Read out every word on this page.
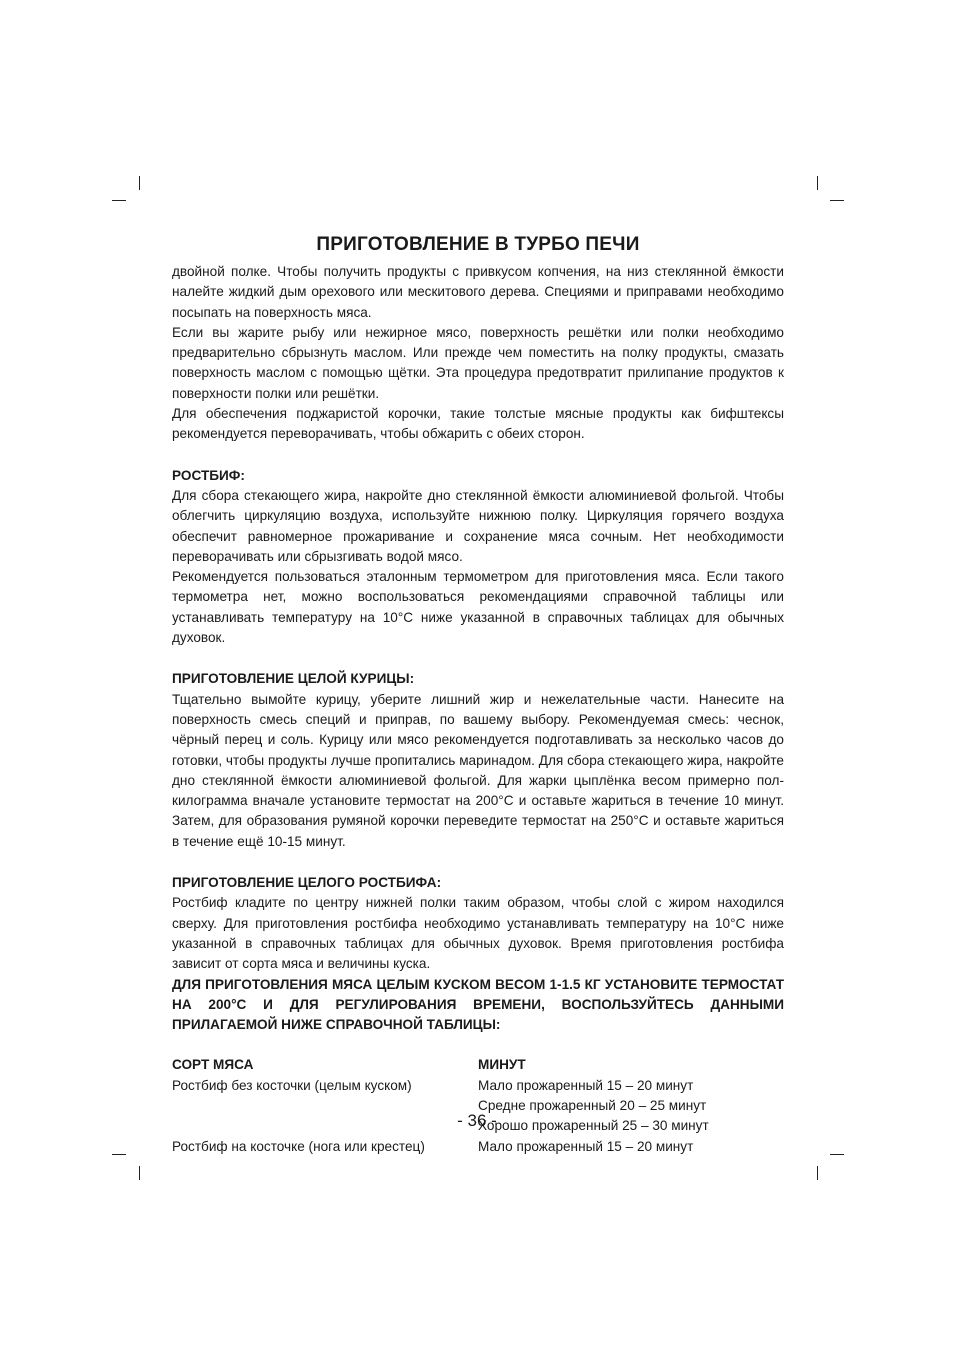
ПРИГОТОВЛЕНИЕ В ТУРБО ПЕЧИ

двойной полке. Чтобы получить продукты с привкусом копчения, на низ стеклянной ёмкости налейте жидкий дым орехового или мескитового дерева. Специями и приправами необходимо посыпать на поверхность мяса.

Если вы жарите рыбу или нежирное мясо, поверхность решётки или полки необходимо предварительно сбрызнуть маслом. Или прежде чем поместить на полку продукты, смазать поверхность маслом с помощью щётки. Эта процедура предотвратит прилипание продуктов к поверхности полки или решётки.

Для обеспечения поджаристой корочки, такие толстые мясные продукты как бифштексы рекомендуется переворачивать, чтобы обжарить с обеих сторон.

РОСТБИФ:

Для сбора стекающего жира, накройте дно стеклянной ёмкости алюминиевой фольгой. Чтобы облегчить циркуляцию воздуха, используйте нижнюю полку. Циркуляция горячего воздуха обеспечит равномерное прожаривание и сохранение мяса сочным. Нет необходимости переворачивать или сбрызгивать водой мясо.

Рекомендуется пользоваться эталонным термометром для приготовления мяса. Если такого термометра нет, можно воспользоваться рекомендациями справочной таблицы или устанавливать температуру на 10°С ниже указанной в справочных таблицах для обычных духовок.

ПРИГОТОВЛЕНИЕ ЦЕЛОЙ КУРИЦЫ:

Тщательно вымойте курицу, уберите лишний жир и нежелательные части. Нанесите на поверхность смесь специй и приправ, по вашему выбору. Рекомендуемая смесь: чеснок, чёрный перец и соль. Курицу или мясо рекомендуется подготавливать за несколько часов до готовки, чтобы продукты лучше пропитались маринадом. Для сбора стекающего жира, накройте дно стеклянной ёмкости алюминиевой фольгой. Для жарки цыплёнка весом примерно пол-килограмма вначале установите термостат на 200°С и оставьте жариться в течение 10 минут. Затем, для образования румяной корочки переведите термостат на 250°С и оставьте жариться в течение ещё 10-15 минут.

ПРИГОТОВЛЕНИЕ ЦЕЛОГО РОСТБИФА:

Ростбиф кладите по центру нижней полки таким образом, чтобы слой с жиром находился сверху. Для приготовления ростбифа необходимо устанавливать температуру на 10°С ниже указанной в справочных таблицах для обычных духовок. Время приготовления ростбифа зависит от сорта мяса и величины куска.

ДЛЯ ПРИГОТОВЛЕНИЯ МЯСА ЦЕЛЫМ КУСКОМ ВЕСОМ 1-1.5 КГ УСТАНОВИТЕ ТЕРМОСТАТ НА 200°С И ДЛЯ РЕГУЛИРОВАНИЯ ВРЕМЕНИ, ВОСПОЛЬЗУЙТЕСЬ ДАННЫМИ ПРИЛАГАЕМОЙ НИЖЕ СПРАВОЧНОЙ ТАБЛИЦЫ:

СОРТ МЯСА	МИНУТ
Ростбиф без косточки (целым куском)	Мало прожаренный 15 – 20 минут
Средне прожаренный 20 – 25 минут
Хорошо прожаренный 25 – 30 минут
Ростбиф на косточке (нога или крестец)	Мало прожаренный 15 – 20 минут
- 36 -
